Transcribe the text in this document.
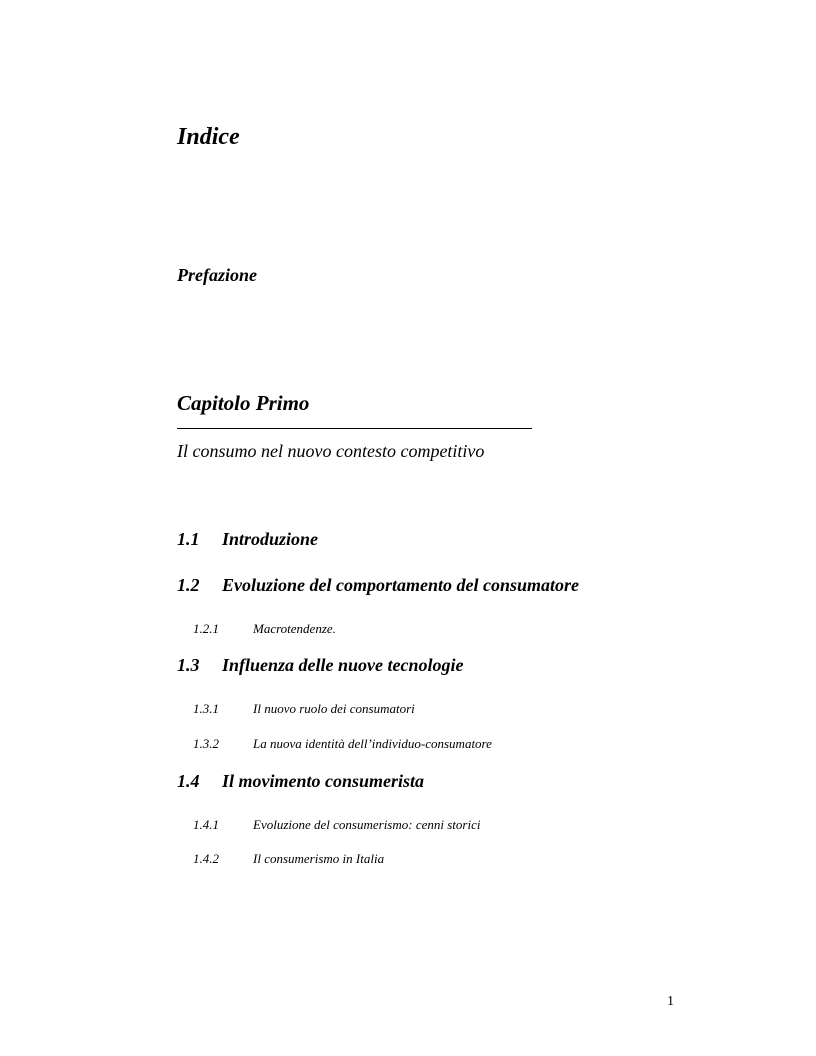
Indice
Prefazione
Capitolo Primo
Il consumo nel nuovo contesto competitivo
1.1 Introduzione
1.2 Evoluzione del comportamento del consumatore
1.2.1	Macrotendenze.
1.3 Influenza delle nuove tecnologie
1.3.1	Il nuovo ruolo dei consumatori
1.3.2	La nuova identità dell’individuo-consumatore
1.4 Il movimento consumerista
1.4.1	Evoluzione del consumerismo: cenni storici
1.4.2	Il consumerismo in Italia
1
